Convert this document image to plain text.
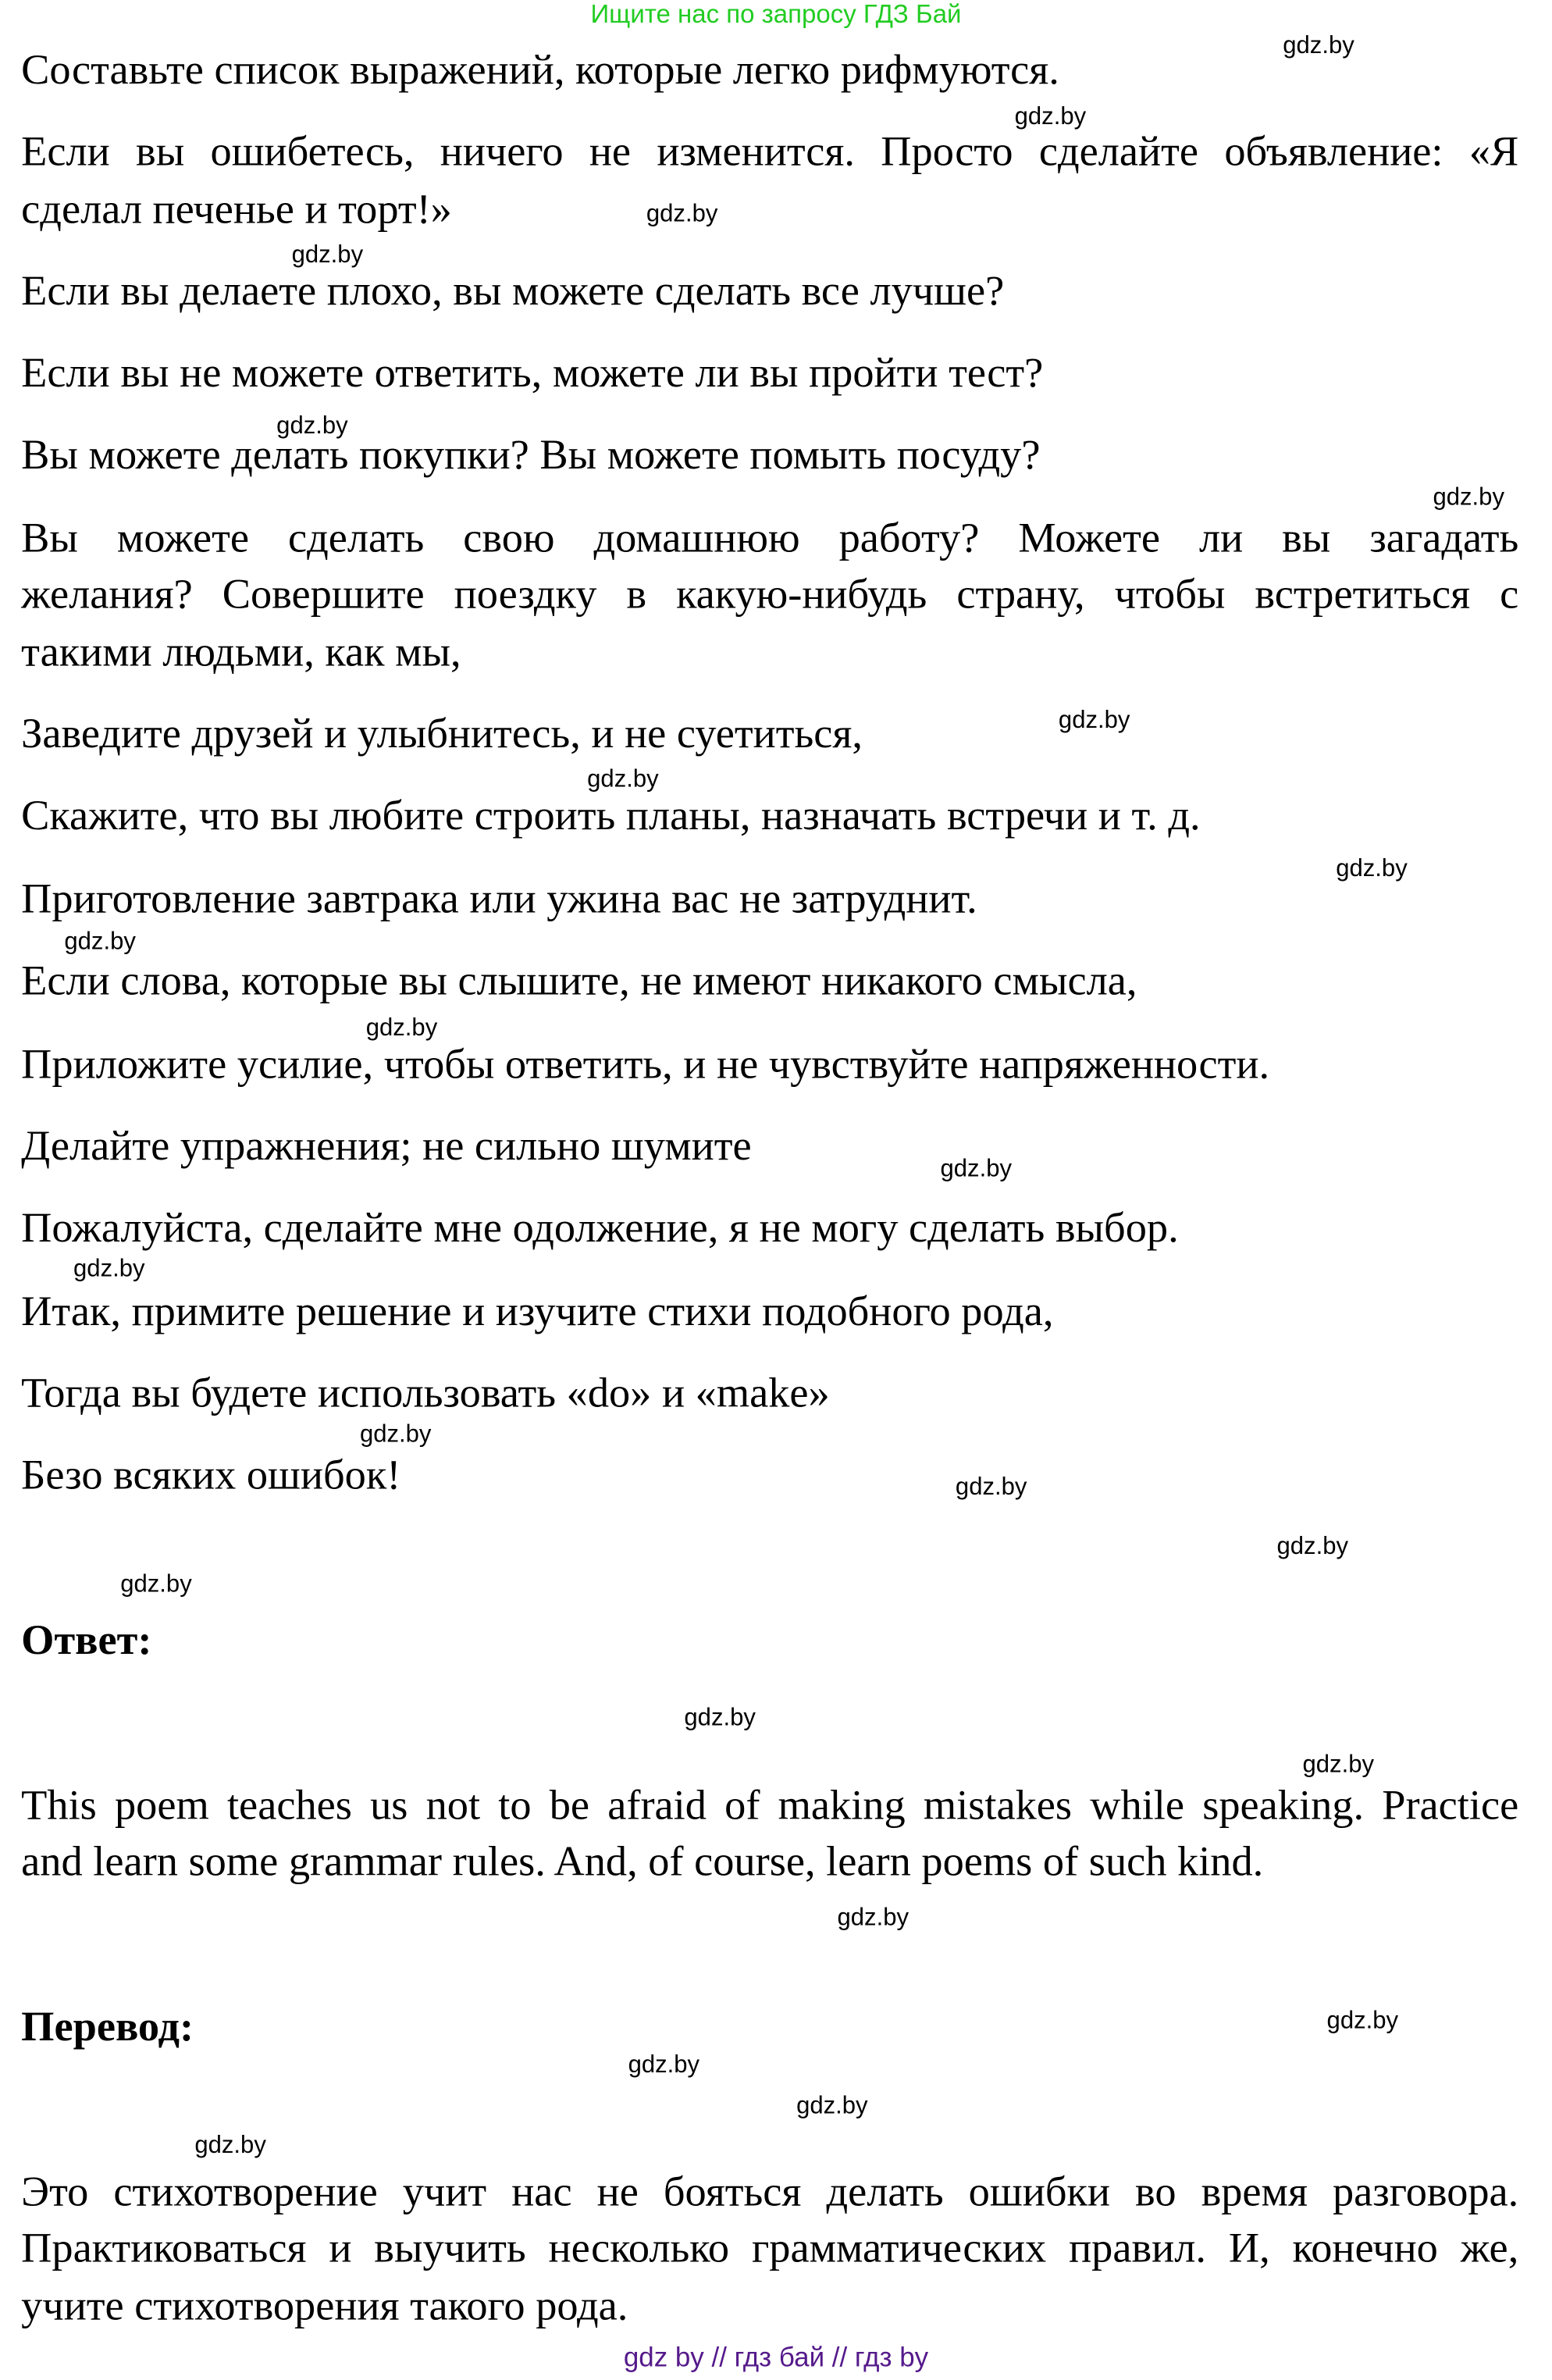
Ищите нас по запросу ГДЗ Бай
Составьте список выражений, которые легко рифмуются.
Если вы ошибетесь, ничего не изменится. Просто сделайте объявление: «Я
сделал печенье и торт!»
Если вы делаете плохо, вы можете сделать все лучше?
Если вы не можете ответить, можете ли вы пройти тест?
Вы можете делать покупки? Вы можете помыть посуду?
Вы можете сделать свою домашнюю работу? Можете ли вы загадать
желания? Совершите поездку в какую-нибудь страну, чтобы встретиться с
такими людьми, как мы,
Заведите друзей и улыбнитесь, и не суетиться,
Скажите, что вы любите строить планы, назначать встречи и т. д.
Приготовление завтрака или ужина вас не затруднит.
Если слова, которые вы слышите, не имеют никакого смысла,
Приложите усилие, чтобы ответить, и не чувствуйте напряженности.
Делайте упражнения; не сильно шумите
Пожалуйста, сделайте мне одолжение, я не могу сделать выбор.
Итак, примите решение и изучите стихи подобного рода,
Тогда вы будете использовать «do» и «make»
Безо всяких ошибок!
Ответ:
This poem teaches us not to be afraid of making mistakes while speaking. Practice
and learn some grammar rules. And, of course, learn poems of such kind.
Перевод:
Это стихотворение учит нас не бояться делать ошибки во время разговора.
Практиковаться и выучить несколько грамматических правил. И, конечно же,
учите стихотворения такого рода.
gdz.by
gdz.by
gdz.by
gdz.by
gdz.by
gdz.by
gdz.by
gdz.by
gdz.by
gdz.by
gdz.by
gdz.by
gdz.by
gdz.by
gdz.by
gdz.by
gdz.by
gdz.by
gdz.by
gdz.by
gdz.by
gdz.by
gdz.by
gdz.by
gdz by // гдз бай // гдз by
